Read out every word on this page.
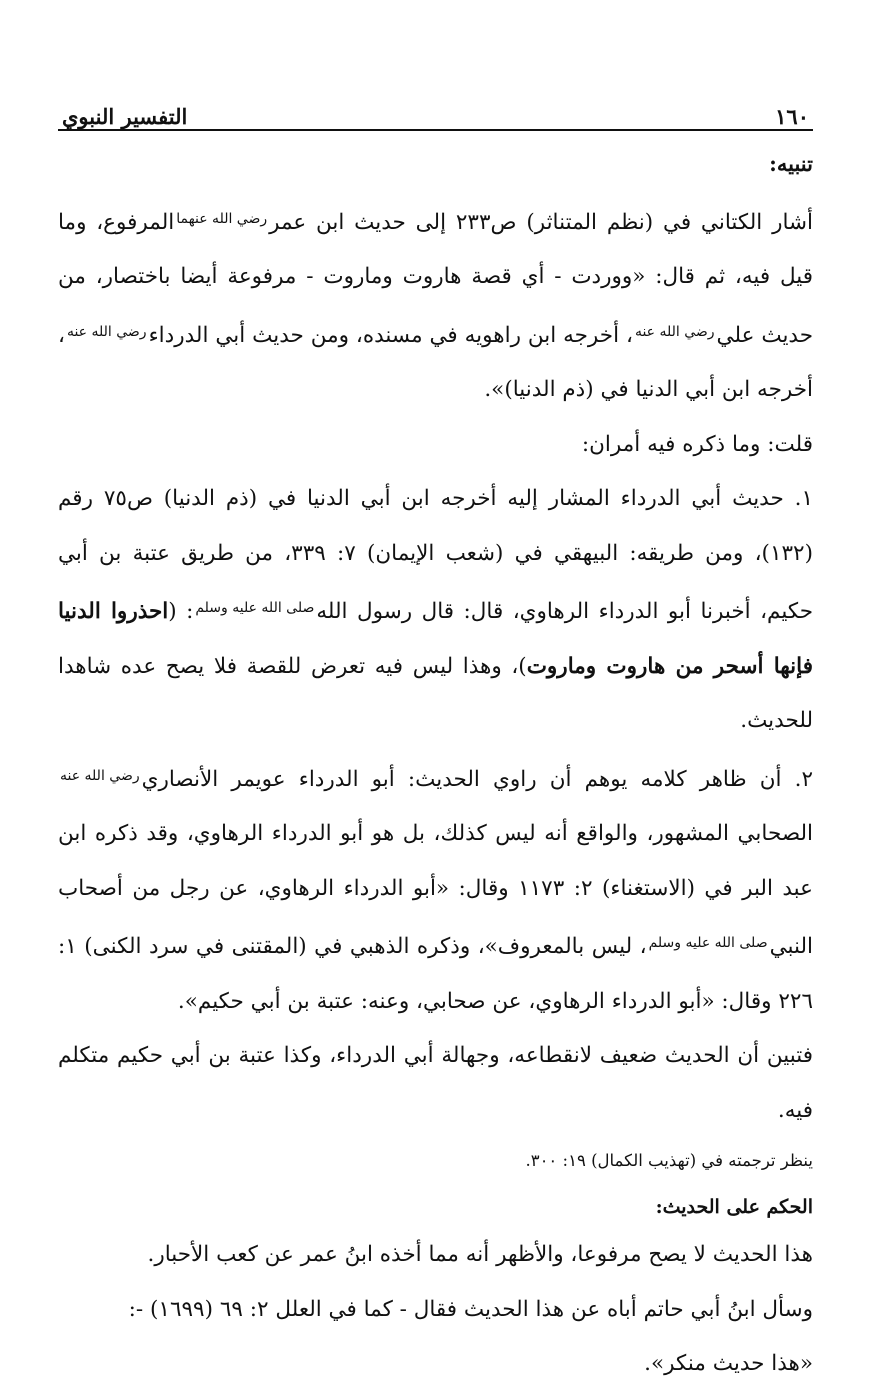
١٦٠
التفسير النبوي

تنبيه:

أشار الكتاني في (نظم المتناثر) ص٢٣٣ إلى حديث ابن عمررضي الله عنهماالمرفوع، وما قيل فيه، ثم قال: «ووردت - أي قصة هاروت وماروت - مرفوعة أيضا باختصار، من حديث عليرضي الله عنه، أخرجه ابن راهويه في مسنده، ومن حديث أبي الدرداءرضي الله عنه، أخرجه ابن أبي الدنيا في (ذم الدنيا)».

قلت: وما ذكره فيه أمران:

١. حديث أبي الدرداء المشار إليه أخرجه ابن أبي الدنيا في (ذم الدنيا) ص٧٥ رقم (١٣٢)، ومن طريقه: البيهقي في (شعب الإيمان) ٧: ٣٣٩، من طريق عتبة بن أبي حكيم، أخبرنا أبو الدرداء الرهاوي، قال: قال رسول اللهصلى الله عليه وسلم: (احذروا الدنيا فإنها أسحر من هاروت وماروت)، وهذا ليس فيه تعرض للقصة فلا يصح عده شاهدا للحديث.

٢. أن ظاهر كلامه يوهم أن راوي الحديث: أبو الدرداء عويمر الأنصاريرضي الله عنهالصحابي المشهور، والواقع أنه ليس كذلك، بل هو أبو الدرداء الرهاوي، وقد ذكره ابن عبد البر في (الاستغناء) ٢: ١١٧٣ وقال: «أبو الدرداء الرهاوي، عن رجل من أصحاب النبيصلى الله عليه وسلم، ليس بالمعروف»، وذكره الذهبي في (المقتنى في سرد الكنى) ١: ٢٢٦ وقال: «أبو الدرداء الرهاوي، عن صحابي، وعنه: عتبة بن أبي حكيم».

فتبين أن الحديث ضعيف لانقطاعه، وجهالة أبي الدرداء، وكذا عتبة بن أبي حكيم متكلم فيه.

ينظر ترجمته في (تهذيب الكمال) ١٩: ٣٠٠.

الحكم على الحديث:

هذا الحديث لا يصح مرفوعا، والأظهر أنه مما أخذه ابنُ عمر عن كعب الأحبار.

وسأل ابنُ أبي حاتم أباه عن هذا الحديث فقال - كما في العلل ٢: ٦٩ (١٦٩٩) -:

«هذا حديث منكر».
